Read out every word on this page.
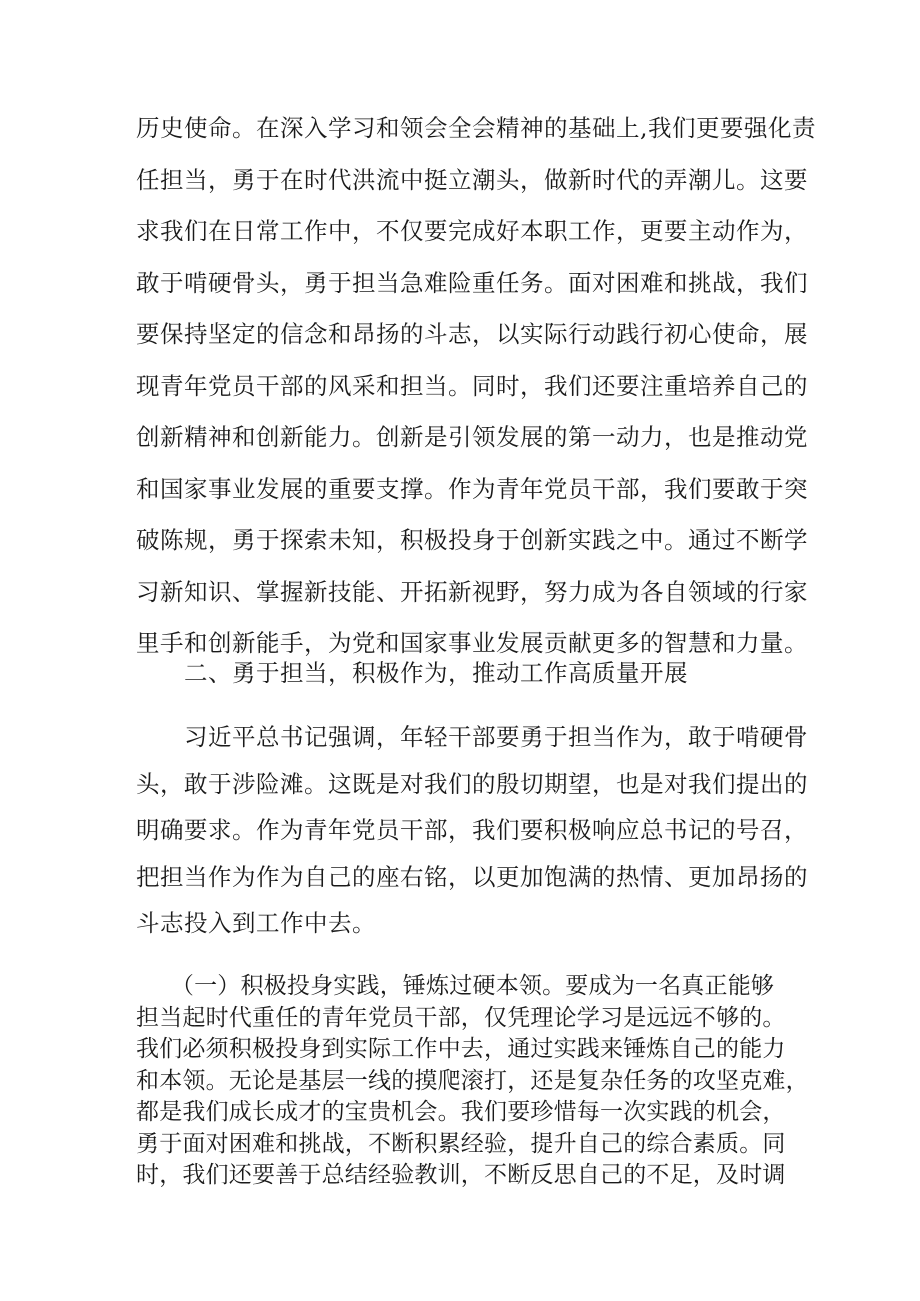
历史使命。在深入学习和领会全会精神的基础上,我们更要强化责

任担当，勇于在时代洪流中挺立潮头，做新时代的弄潮儿。这要

求我们在日常工作中，不仅要完成好本职工作，更要主动作为，

敢于啃硬骨头，勇于担当急难险重任务。面对困难和挑战，我们

要保持坚定的信念和昂扬的斗志，以实际行动践行初心使命，展

现青年党员干部的风采和担当。同时，我们还要注重培养自己的

创新精神和创新能力。创新是引领发展的第一动力，也是推动党

和国家事业发展的重要支撑。作为青年党员干部，我们要敢于突

破陈规，勇于探索未知，积极投身于创新实践之中。通过不断学

习新知识、掌握新技能、开拓新视野，努力成为各自领域的行家

里手和创新能手，为党和国家事业发展贡献更多的智慧和力量。

　　二、勇于担当，积极作为，推动工作高质量开展

　　习近平总书记强调，年轻干部要勇于担当作为，敢于啃硬骨

头，敢于涉险滩。这既是对我们的殷切期望，也是对我们提出的

明确要求。作为青年党员干部，我们要积极响应总书记的号召，

把担当作为作为自己的座右铭，以更加饱满的热情、更加昂扬的

斗志投入到工作中去。

　　（一）积极投身实践，锤炼过硬本领。要成为一名真正能够

担当起时代重任的青年党员干部，仅凭理论学习是远远不够的。

我们必须积极投身到实际工作中去，通过实践来锤炼自己的能力

和本领。无论是基层一线的摸爬滚打，还是复杂任务的攻坚克难，

都是我们成长成才的宝贵机会。我们要珍惜每一次实践的机会，

勇于面对困难和挑战，不断积累经验，提升自己的综合素质。同

时，我们还要善于总结经验教训，不断反思自己的不足，及时调
